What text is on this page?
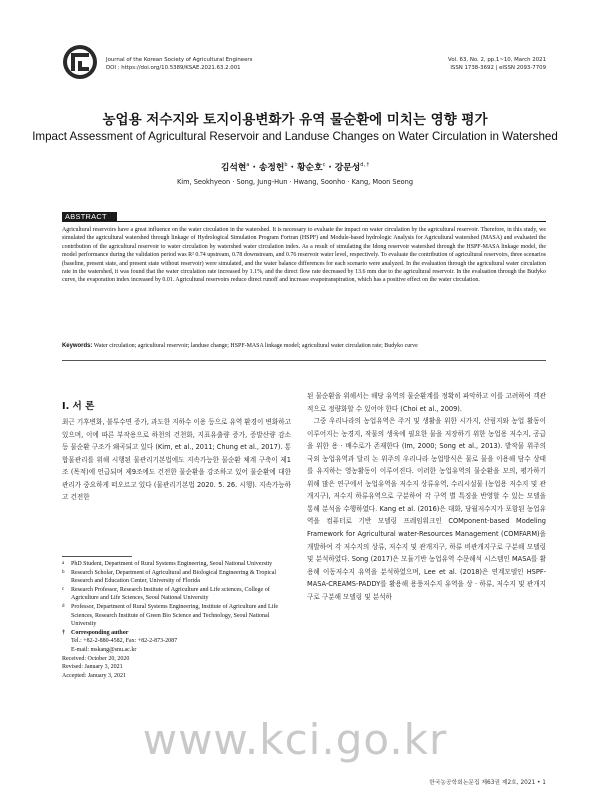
Journal of the Korean Society of Agricultural Engineers
DOI : https://doi.org/10.5389/KSAE.2021.63.2.001
Vol. 63, No. 2, pp.1~10, March 2021
ISSN 1738-3692 | eISSN 2093-7709
농업용 저수지와 토지이용변화가 유역 물순환에 미치는 영향 평가
Impact Assessment of Agricultural Reservoir and Landuse Changes on Water Circulation in Watershed
김석현$^a$ · 송정헌$^b$ · 황순호$^c$ · 강문성$^{d, \dagger}$
Kim, Seokhyeon · Song, Jung-Hun · Hwang, Soonho · Kang, Moon Seong
ABSTRACT

Agricultural reservoirs have a great influence on the water circulation in the watershed. It is necessary to evaluate the impact on water circulation by the agricultural reservoir. Therefore, in this study, we simulated the agricultural watershed through linkage of Hydrological Simulation Program Fortran (HSPF) and Module-based hydrologic Analysis for Agricultural watershed (MASA) and evaluated the contribution of the agricultural reservoir to water circulation by watershed water circulation index. As a result of simulating the Idong reservoir watershed through the HSPF-MASA linkage model, the model performance during the validation period was R² 0.74 upstream, 0.78 downstream, and 0.76 reservoir water level, respectively. To evaluate the contribution of agricultural reservoirs, three scenarios (baseline, present state, and present state without reservoir) were simulated, and the water balance differences for each scenario were analyzed. In the evaluation through the agricultural water circulation rate in the watershed, it was found that the water circulation rate increased by 1.1%, and the direct flow rate decreased by 13.6 mm due to the agricultural reservoir. In the evaluation through the Budyko curve, the evaporation index increased by 0.01. Agricultural reservoirs reduce direct runoff and increase evapotranspiration, which has a positive effect on the water circulation.

Keywords: Water circulation; agricultural reservoir; landuse change; HSPF-MASA linkage model; agricultural water circulation rate; Budyko curve
Ⅰ. 서 론

최근 기후변화, 불투수면 증가, 과도한 지하수 이용 등으로 유역 환경이 변화하고 있으며, 이에 따른 부작용으로 하천의 건천화, 지표유출량 증가, 증발산량 감소 등 물순환 구조가 왜곡되고 있다 (Kim, et al., 2011; Chung et al., 2017). 통합물관리를 위해 시행된 물관리기본법에도 지속가능한 물순환 체계 구축이 제1조 (목적)에 언급되며 제9조에도 건전한 물순환을 강조하고 있어 물순환에 대한 관리가 중요하게 떠오르고 있다 (물관리기본법 2020. 5. 26. 시행). 지속가능하고 건전한

a PhD Student, Department of Rural Systems Engineering, Seoul National University
b Research Scholar, Department of Agricultural and Biological Engineering & Tropical Research and Education Center, University of Florida
c Research Professor, Research Institute of Agriculture and Life sciences, College of Agriculture and Life Sciences, Seoul National University
d Professor, Department of Rural Systems Engineering, Institute of Agriculture and Life Sciences, Research Institute of Green Bio Science and Technology, Seoul National University
† Corresponding author
Tel.: +82-2-880-4582, Fax: +82-2-873-2087
E-mail: mskang@snu.ac.kr
Received: October 20, 2020
Revised: January 3, 2021
Accepted: January 3, 2021
된 물순환을 위해서는 해당 유역의 물순환계를 정확히 파악하고 이를 고려하여 객관적으로 정량화할 수 있어야 한다 (Choi et al., 2009).
그중 우리나라의 농업유역은 주거 및 생활을 위한 시가지, 산림지와 농업 활동이 이루어지는 농경지, 작물의 생육에 필요한 물을 저장하기 위한 농업용 저수지, 공급을 위한 용 · 배수로가 존재한다 (Im, 2000; Song et al., 2013). 밭작물 위주의 국외 농업유역과 달리 논 위주의 우리나라 농업방식은 물로 물을 이용해 담수 상태를 유지하는 영농활동이 이루어진다. 이러한 농업유역의 물순환을 모의, 평가하기 위해 많은 연구에서 농업유역을 저수지 상류유역, 수리시설물 (농업용 저수지 및 관개지구), 저수지 하류유역으로 구분하여 각 구역 별 특징을 반영할 수 있는 모델을 통해 분석을 수행하였다. Kang et al. (2016)은 대화, 당월저수지가 포함된 농업유역을 컴퓨터로 기반 모델링 프레임워크인 COMponent-based Modeling Framework for Agricultural water-Resources Management (COMFARM)을 개발하여 각 저수지의 상류, 저수지 및 관개지구, 하류 비관개지구로 구분해 모델링 및 분석하였다. Song (2017)은 모듈기반 농업유역 수문해석 시스템인 MASA를 활용해 이동저수지 유역을 분석하였으며, Lee et al. (2018)은 연계모델인 HSPF-MASA-CREAMS-PADDY를 활용해 용풍저수지 유역을 상 · 하류, 저수지 및 관개지구로 구분해 모델링 및 분석하
www.kci.go.kr
한국농공학회논문집 제63권 제2호, 2021 • 1
